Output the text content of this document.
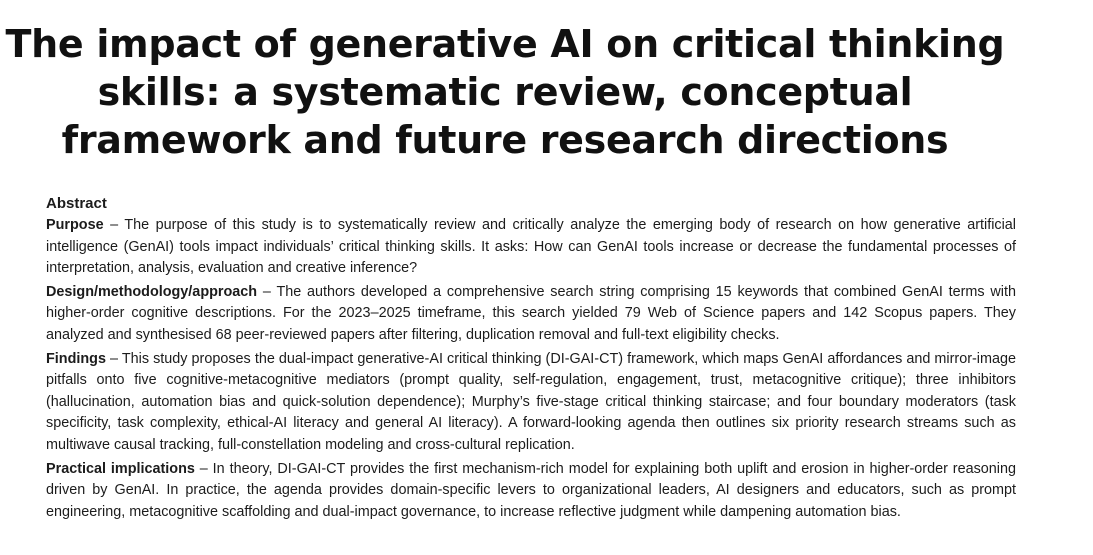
The impact of generative AI on critical thinking
skills: a systematic review, conceptual
framework and future research directions

Abstract

Purpose – The purpose of this study is to systematically review and critically analyze the emerging body of research on how generative artificial intelligence (GenAI) tools impact individuals’ critical thinking skills. It asks: How can GenAI tools increase or decrease the fundamental processes of interpretation, analysis, evaluation and creative inference?

Design/methodology/approach – The authors developed a comprehensive search string comprising 15 keywords that combined GenAI terms with higher-order cognitive descriptions. For the 2023–2025 timeframe, this search yielded 79 Web of Science papers and 142 Scopus papers. They analyzed and synthesised 68 peer-reviewed papers after filtering, duplication removal and full-text eligibility checks.

Findings – This study proposes the dual-impact generative-AI critical thinking (DI-GAI-CT) framework, which maps GenAI affordances and mirror-image pitfalls onto five cognitive-metacognitive mediators (prompt quality, self-regulation, engagement, trust, metacognitive critique); three inhibitors (hallucination, automation bias and quick-solution dependence); Murphy’s five-stage critical thinking staircase; and four boundary moderators (task specificity, task complexity, ethical-AI literacy and general AI literacy). A forward-looking agenda then outlines six priority research streams such as multiwave causal tracking, full-constellation modeling and cross-cultural replication.

Practical implications – In theory, DI-GAI-CT provides the first mechanism-rich model for explaining both uplift and erosion in higher-order reasoning driven by GenAI. In practice, the agenda provides domain-specific levers to organizational leaders, AI designers and educators, such as prompt engineering, metacognitive scaffolding and dual-impact governance, to increase reflective judgment while dampening automation bias.
